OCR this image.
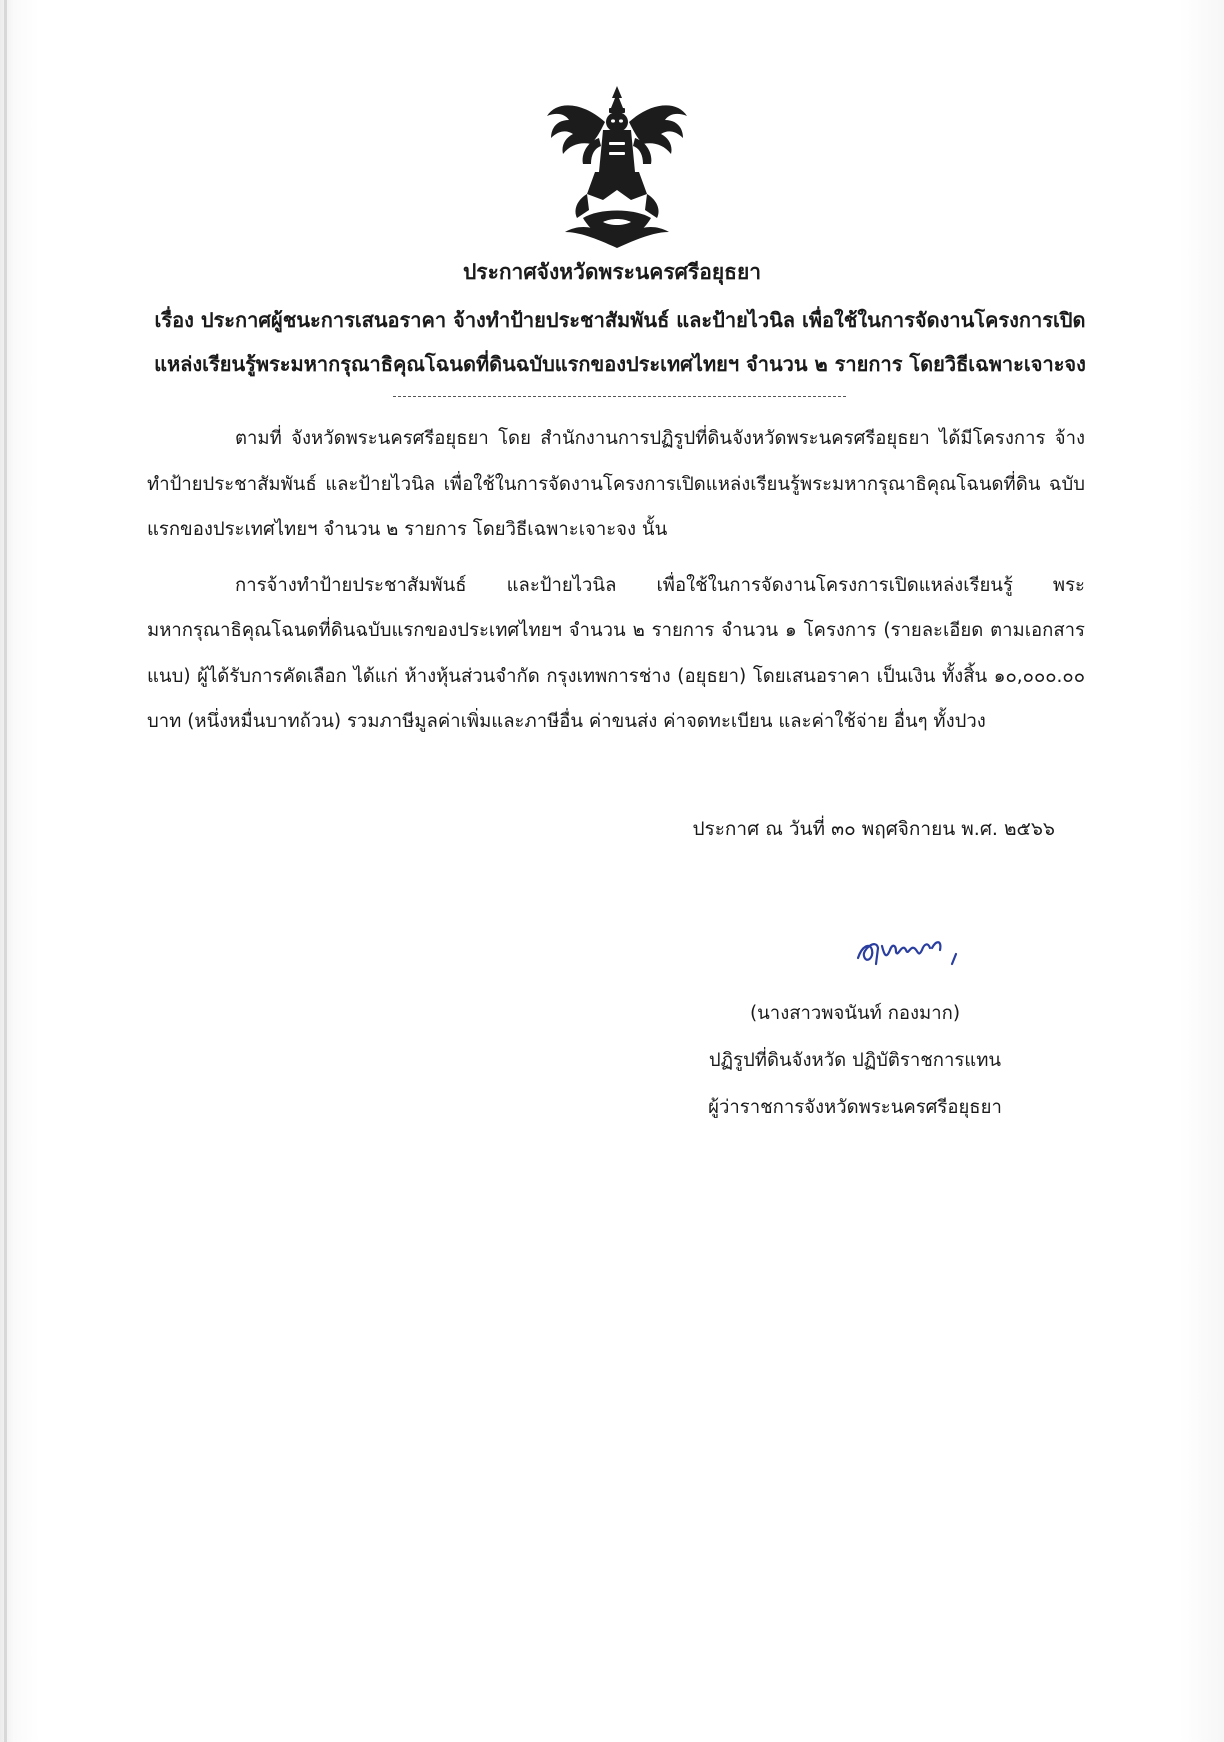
ประกาศจังหวัดพระนครศรีอยุธยา
เรื่อง ประกาศผู้ชนะการเสนอราคา จ้างทำป้ายประชาสัมพันธ์ และป้ายไวนิล เพื่อใช้ในการจัดงานโครงการเปิด
แหล่งเรียนรู้พระมหากรุณาธิคุณโฉนดที่ดินฉบับแรกของประเทศไทยฯ จำนวน ๒ รายการ โดยวิธีเฉพาะเจาะจง

ตามที่ จังหวัดพระนครศรีอยุธยา โดย สำนักงานการปฏิรูปที่ดินจังหวัดพระนครศรีอยุธยา ได้มีโครงการ จ้างทำป้ายประชาสัมพันธ์ และป้ายไวนิล เพื่อใช้ในการจัดงานโครงการเปิดแหล่งเรียนรู้พระมหากรุณาธิคุณโฉนดที่ดิน ฉบับแรกของประเทศไทยฯ จำนวน ๒ รายการ โดยวิธีเฉพาะเจาะจง นั้น

การจ้างทำป้ายประชาสัมพันธ์ และป้ายไวนิล เพื่อใช้ในการจัดงานโครงการเปิดแหล่งเรียนรู้ พระมหากรุณาธิคุณโฉนดที่ดินฉบับแรกของประเทศไทยฯ จำนวน ๒ รายการ จำนวน ๑ โครงการ (รายละเอียด ตามเอกสารแนบ) ผู้ได้รับการคัดเลือก ได้แก่ ห้างหุ้นส่วนจำกัด กรุงเทพการช่าง (อยุธยา) โดยเสนอราคา เป็นเงิน ทั้งสิ้น ๑๐,๐๐๐.๐๐ บาท (หนึ่งหมื่นบาทถ้วน) รวมภาษีมูลค่าเพิ่มและภาษีอื่น ค่าขนส่ง ค่าจดทะเบียน และค่าใช้จ่าย อื่นๆ ทั้งปวง

ประกาศ ณ วันที่ ๓๐ พฤศจิกายน พ.ศ. ๒๕๖๖
(นางสาวพจนันท์ กองมาก)
ปฏิรูปที่ดินจังหวัด ปฏิบัติราชการแทน
ผู้ว่าราชการจังหวัดพระนครศรีอยุธยา
